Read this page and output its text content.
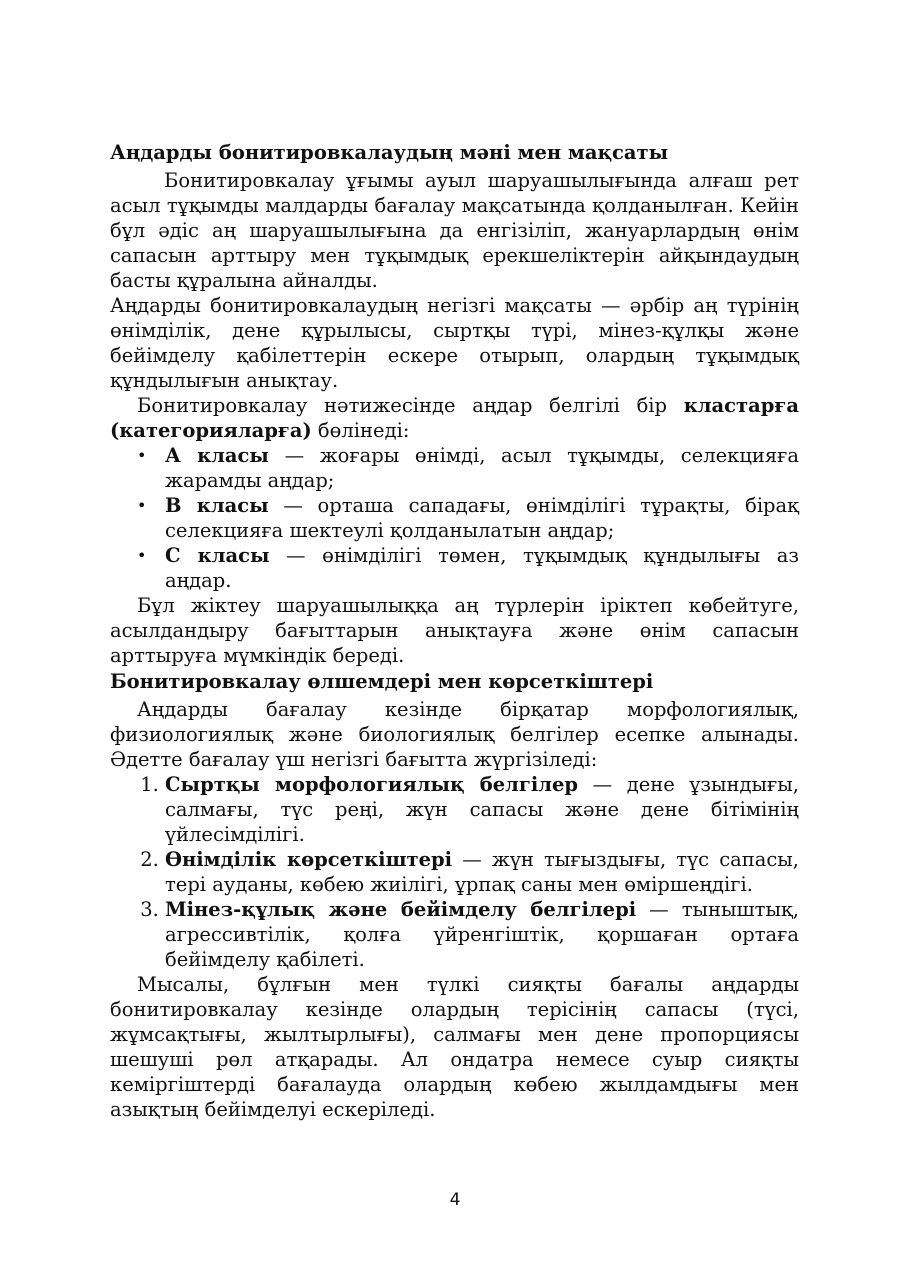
Аңдарды бонитировкалаудың мәні мен мақсаты

Бонитировкалау ұғымы ауыл шаруашылығында алғаш рет асыл тұқымды малдарды бағалау мақсатында қолданылған. Кейін бұл әдіс аң шаруашылығына да енгізіліп, жануарлардың өнім сапасын арттыру мен тұқымдық ерекшеліктерін айқындаудың басты құралына айналды.

Аңдарды бонитировкалаудың негізгі мақсаты — әрбір аң түрінің өнімділік, дене құрылысы, сыртқы түрі, мінез-құлқы және бейімделу қабілеттерін ескере отырып, олардың тұқымдық құндылығын анықтау.

Бонитировкалау нәтижесінде аңдар белгілі бір кластарға (категорияларға) бөлінеді:

• А класы — жоғары өнімді, асыл тұқымды, селекцияға жарамды аңдар;
• В класы — орташа сападағы, өнімділігі тұрақты, бірақ селекцияға шектеулі қолданылатын аңдар;
• С класы — өнімділігі төмен, тұқымдық құндылығы аз аңдар.

Бұл жіктеу шаруашылыққа аң түрлерін іріктеп көбейтуге, асылдандыру бағыттарын анықтауға және өнім сапасын арттыруға мүмкіндік береді.

Бонитировкалау өлшемдері мен көрсеткіштері

Аңдарды бағалау кезінде бірқатар морфологиялық, физиологиялық және биологиялық белгілер есепке алынады. Әдетте бағалау үш негізгі бағытта жүргізіледі:

1. Сыртқы морфологиялық белгілер — дене ұзындығы, салмағы, түс реңі, жүн сапасы және дене бітімінің үйлесімділігі.
2. Өнімділік көрсеткіштері — жүн тығыздығы, түс сапасы, тері ауданы, көбею жиілігі, ұрпақ саны мен өміршеңдігі.
3. Мінез-құлық және бейімделу белгілері — тыныштық, агрессивтілік, қолға үйренгіштік, қоршаған ортаға бейімделу қабілеті.

Мысалы, бұлғын мен түлкі сияқты бағалы аңдарды бонитировкалау кезінде олардың терісінің сапасы (түсі, жұмсақтығы, жылтырлығы), салмағы мен дене пропорциясы шешуші рөл атқарады. Ал ондатра немесе суыр сияқты кеміргіштерді бағалауда олардың көбею жылдамдығы мен азықтың бейімделуі ескеріледі.

4
